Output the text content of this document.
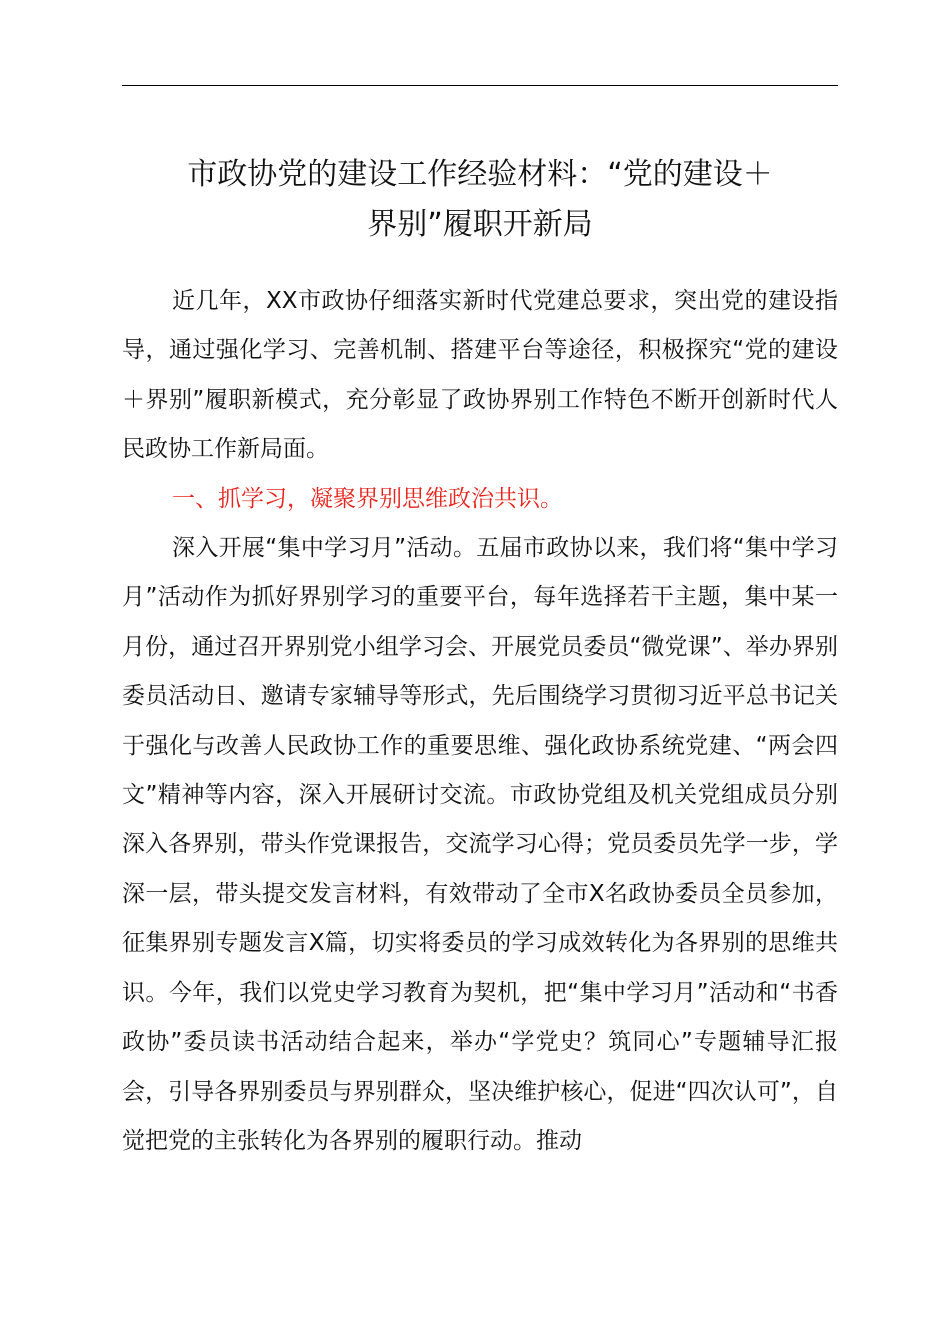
市政协党的建设工作经验材料：“党的建设＋
界别”履职开新局

近几年，XX市政协仔细落实新时代党建总要求，突出党的建设指导，通过强化学习、完善机制、搭建平台等途径，积极探究“党的建设＋界别”履职新模式，充分彰显了政协界别工作特色不断开创新时代人民政协工作新局面。

一、抓学习，凝聚界别思维政治共识。

深入开展“集中学习月”活动。五届市政协以来，我们将“集中学习月”活动作为抓好界别学习的重要平台，每年选择若干主题，集中某一月份，通过召开界别党小组学习会、开展党员委员“微党课”、举办界别委员活动日、邀请专家辅导等形式，先后围绕学习贯彻习近平总书记关于强化与改善人民政协工作的重要思维、强化政协系统党建、“两会四文”精神等内容，深入开展研讨交流。市政协党组及机关党组成员分别深入各界别，带头作党课报告，交流学习心得；党员委员先学一步，学深一层，带头提交发言材料，有效带动了全市X名政协委员全员参加，征集界别专题发言X篇，切实将委员的学习成效转化为各界别的思维共识。今年，我们以党史学习教育为契机，把“集中学习月”活动和“书香政协”委员读书活动结合起来，举办“学党史？筑同心”专题辅导汇报会，引导各界别委员与界别群众，坚决维护核心，促进“四次认可”，自觉把党的主张转化为各界别的履职行动。推动
